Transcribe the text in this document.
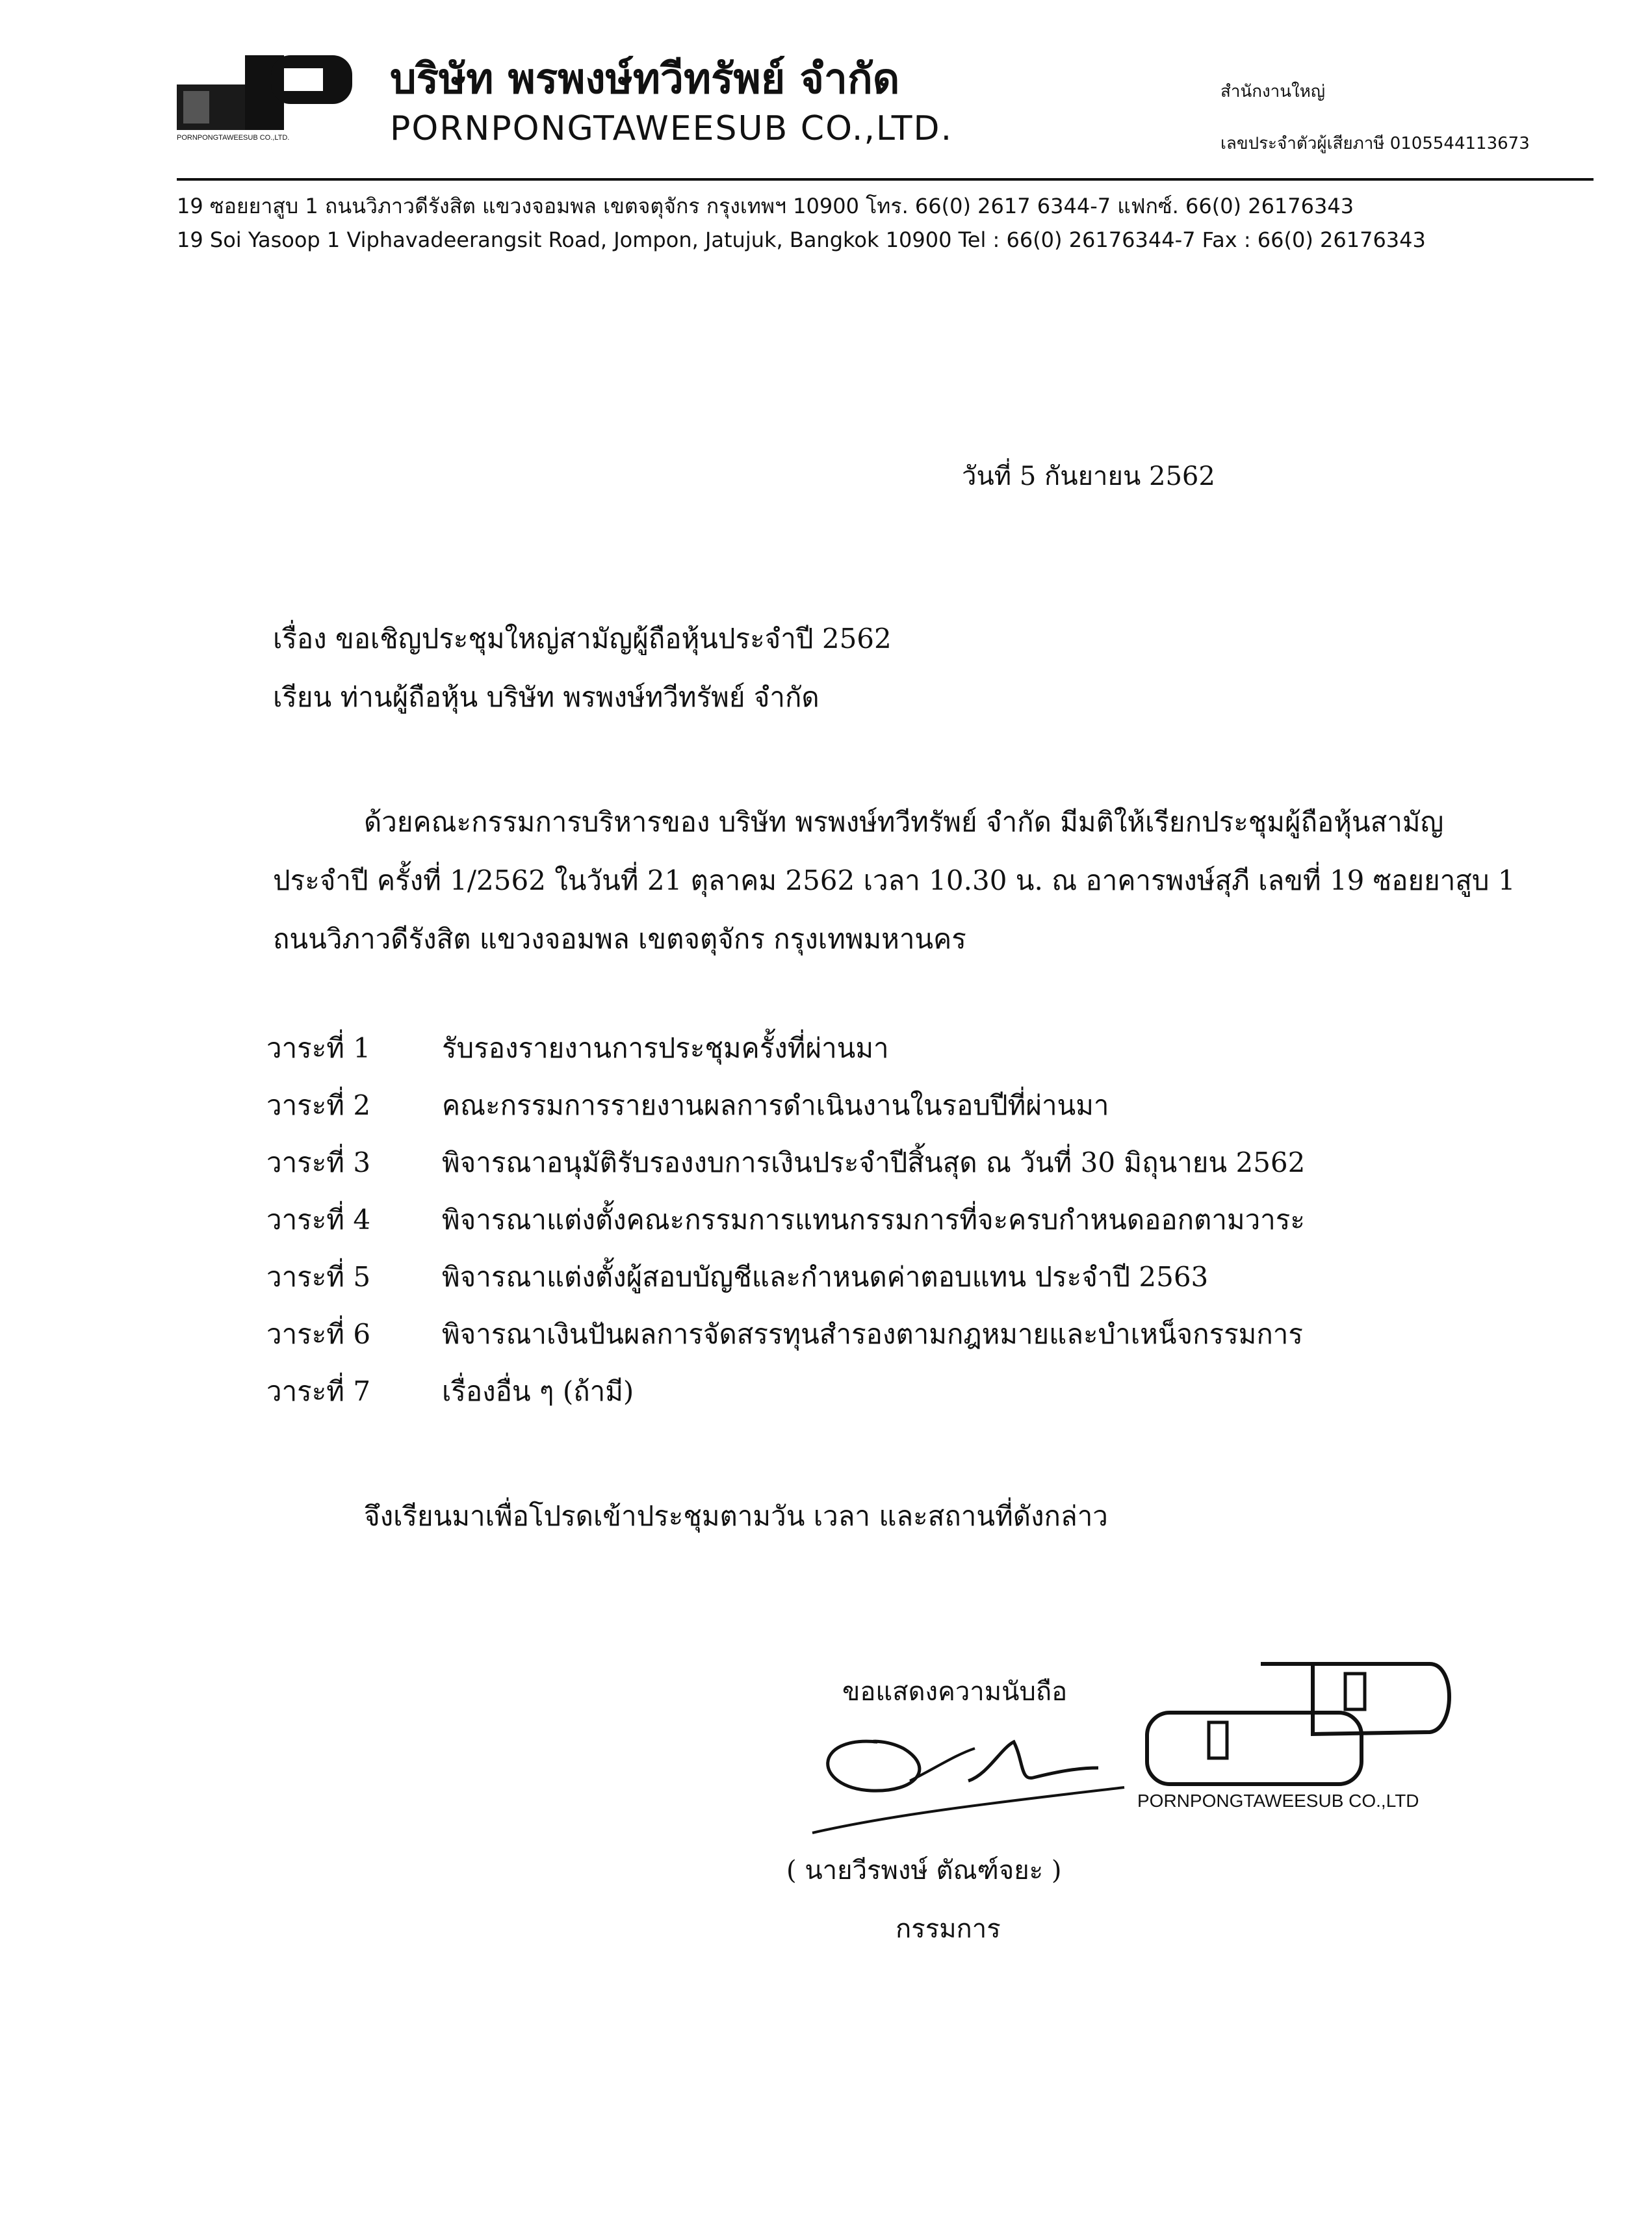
PORNPONGTAWEESUB CO.,LTD.
บริษัท พรพงษ์ทวีทรัพย์ จำกัด
PORNPONGTAWEESUB CO.,LTD.
สำนักงานใหญ่
เลขประจำตัวผู้เสียภาษี 0105544113673
19 ซอยยาสูบ 1 ถนนวิภาวดีรังสิต แขวงจอมพล เขตจตุจักร กรุงเทพฯ 10900 โทร. 66(0) 2617 6344-7 แฟกซ์. 66(0) 26176343
19 Soi Yasoop 1 Viphavadeerangsit Road, Jompon, Jatujuk, Bangkok 10900 Tel : 66(0) 26176344-7 Fax : 66(0) 26176343
วันที่ 5 กันยายน 2562
เรื่อง ขอเชิญประชุมใหญ่สามัญผู้ถือหุ้นประจำปี 2562
เรียน ท่านผู้ถือหุ้น บริษัท พรพงษ์ทวีทรัพย์ จำกัด
ด้วยคณะกรรมการบริหารของ บริษัท พรพงษ์ทวีทรัพย์ จำกัด มีมติให้เรียกประชุมผู้ถือหุ้นสามัญ
ประจำปี ครั้งที่ 1/2562 ในวันที่ 21 ตุลาคม 2562 เวลา 10.30 น. ณ อาคารพงษ์สุภี เลขที่ 19 ซอยยาสูบ 1
ถนนวิภาวดีรังสิต แขวงจอมพล เขตจตุจักร กรุงเทพมหานคร
วาระที่ 1	รับรองรายงานการประชุมครั้งที่ผ่านมา
วาระที่ 2	คณะกรรมการรายงานผลการดำเนินงานในรอบปีที่ผ่านมา
วาระที่ 3	พิจารณาอนุมัติรับรองงบการเงินประจำปีสิ้นสุด ณ วันที่ 30 มิถุนายน 2562
วาระที่ 4	พิจารณาแต่งตั้งคณะกรรมการแทนกรรมการที่จะครบกำหนดออกตามวาระ
วาระที่ 5	พิจารณาแต่งตั้งผู้สอบบัญชีและกำหนดค่าตอบแทน ประจำปี 2563
วาระที่ 6	พิจารณาเงินปันผลการจัดสรรทุนสำรองตามกฎหมายและบำเหน็จกรรมการ
วาระที่ 7	เรื่องอื่น ๆ (ถ้ามี)
จึงเรียนมาเพื่อโปรดเข้าประชุมตามวัน เวลา และสถานที่ดังกล่าว
ขอแสดงความนับถือ
PORNPONGTAWEESUB CO.,LTD
( นายวีรพงษ์ ตัณฑ์จยะ )
กรรมการ
